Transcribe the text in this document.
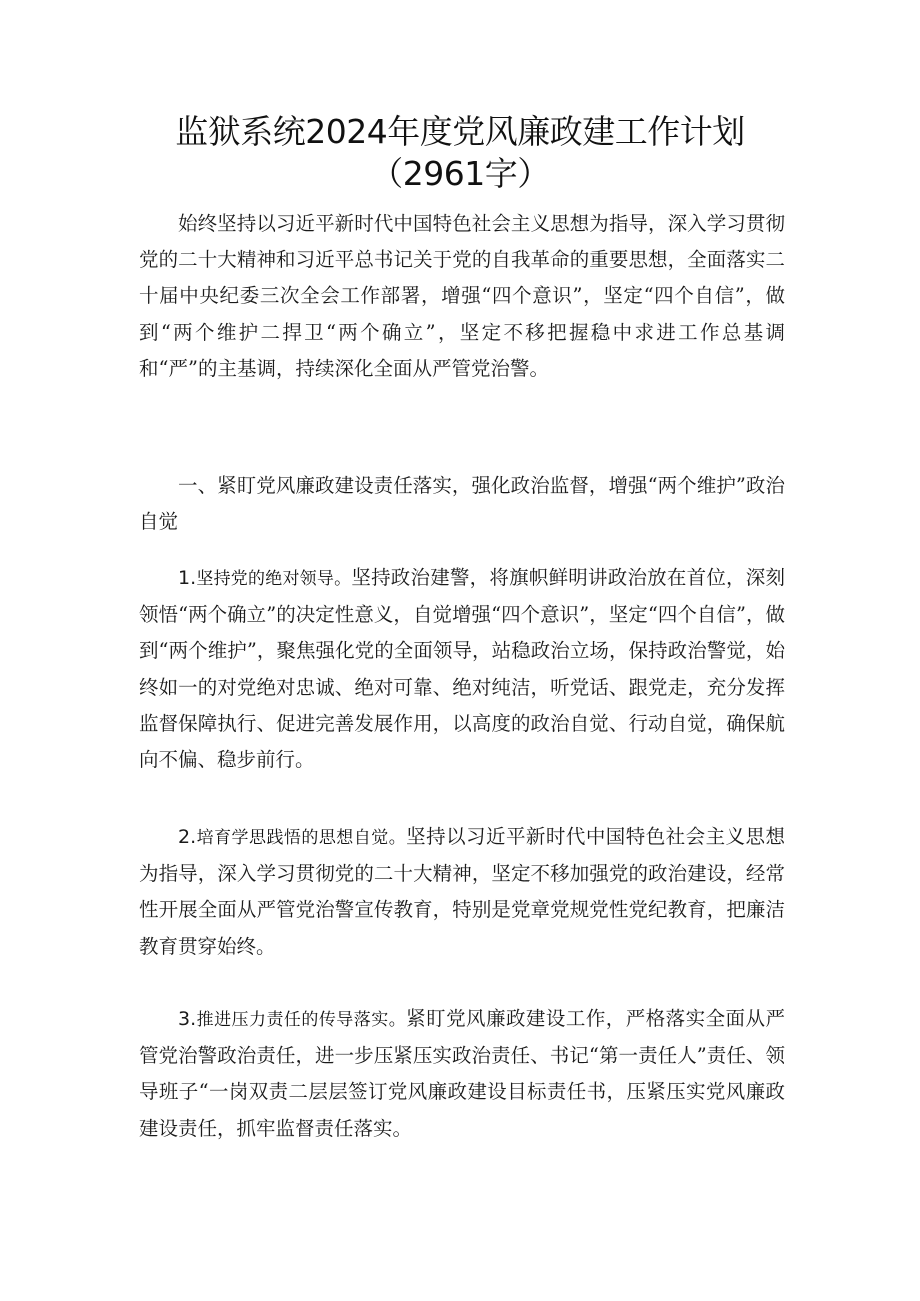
监狱系统2024年度党风廉政建工作计划
（2961字）

始终坚持以习近平新时代中国特色社会主义思想为指导，深入学习贯彻党的二十大精神和习近平总书记关于党的自我革命的重要思想，全面落实二十届中央纪委三次全会工作部署，增强“四个意识”，坚定“四个自信”，做到“两个维护二捍卫“两个确立”，坚定不移把握稳中求进工作总基调和“严”的主基调，持续深化全面从严管党治警。

一、紧盯党风廉政建设责任落实，强化政治监督，增强“两个维护”政治自觉

1.坚持党的绝对领导。坚持政治建警，将旗帜鲜明讲政治放在首位，深刻领悟“两个确立”的决定性意义，自觉增强“四个意识”，坚定“四个自信”，做到“两个维护”，聚焦强化党的全面领导，站稳政治立场，保持政治警觉，始终如一的对党绝对忠诚、绝对可靠、绝对纯洁，听党话、跟党走，充分发挥监督保障执行、促进完善发展作用，以高度的政治自觉、行动自觉，确保航向不偏、稳步前行。

2.培育学思践悟的思想自觉。坚持以习近平新时代中国特色社会主义思想为指导，深入学习贯彻党的二十大精神，坚定不移加强党的政治建设，经常性开展全面从严管党治警宣传教育，特别是党章党规党性党纪教育，把廉洁教育贯穿始终。

3.推进压力责任的传导落实。紧盯党风廉政建设工作，严格落实全面从严管党治警政治责任，进一步压紧压实政治责任、书记“第一责任人”责任、领导班子“一岗双责二层层签订党风廉政建设目标责任书，压紧压实党风廉政建设责任，抓牢监督责任落实。
